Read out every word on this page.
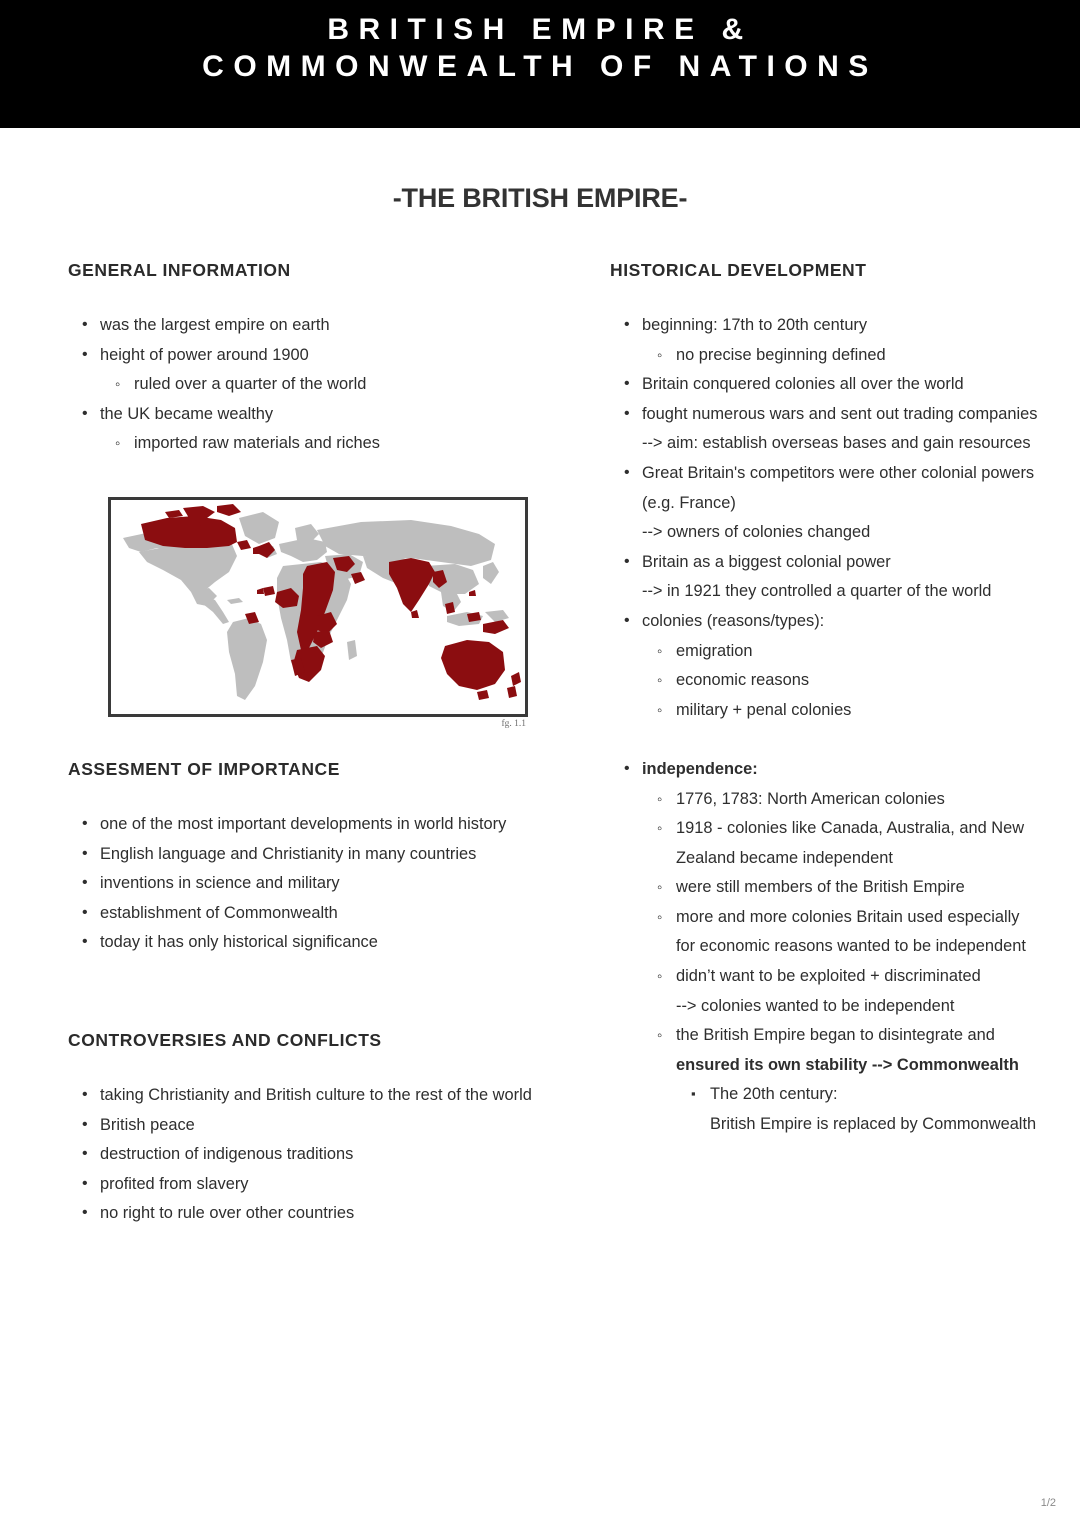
BRITISH EMPIRE &
COMMONWEALTH OF NATIONS
-THE BRITISH EMPIRE-
GENERAL INFORMATION
• was the largest empire on earth
• height of power around 1900
◦ ruled over a quarter of the world
• the UK became wealthy
◦ imported raw materials and riches
fg. 1.1
ASSESMENT OF IMPORTANCE
• one of the most important developments in world history
• English language and Christianity in many countries
• inventions in science and military
• establishment of Commonwealth
• today it has only historical significance
CONTROVERSIES AND CONFLICTS
• taking Christianity and British culture to the rest of the world
• British peace
• destruction of indigenous traditions
• profited from slavery
• no right to rule over other countries
HISTORICAL DEVELOPMENT
• beginning: 17th to 20th century
◦ no precise beginning defined
• Britain conquered colonies all over the world
• fought numerous wars and sent out trading companies
--> aim: establish overseas bases and gain resources
• Great Britain's competitors were other colonial powers (e.g. France)
--> owners of colonies changed
• Britain as a biggest colonial power
--> in 1921 they controlled a quarter of the world
• colonies (reasons/types):
◦ emigration
◦ economic reasons
◦ military + penal colonies
• independence:
◦ 1776, 1783: North American colonies
◦ 1918 - colonies like Canada, Australia, and New Zealand became independent
◦ were still members of the British Empire
◦ more and more colonies Britain used especially for economic reasons wanted to be independent
◦ didn’t want to be exploited + discriminated
--> colonies wanted to be independent
◦ the British Empire began to disintegrate and ensured its own stability --> Commonwealth
▪ The 20th century:
British Empire is replaced by Commonwealth
1/2
